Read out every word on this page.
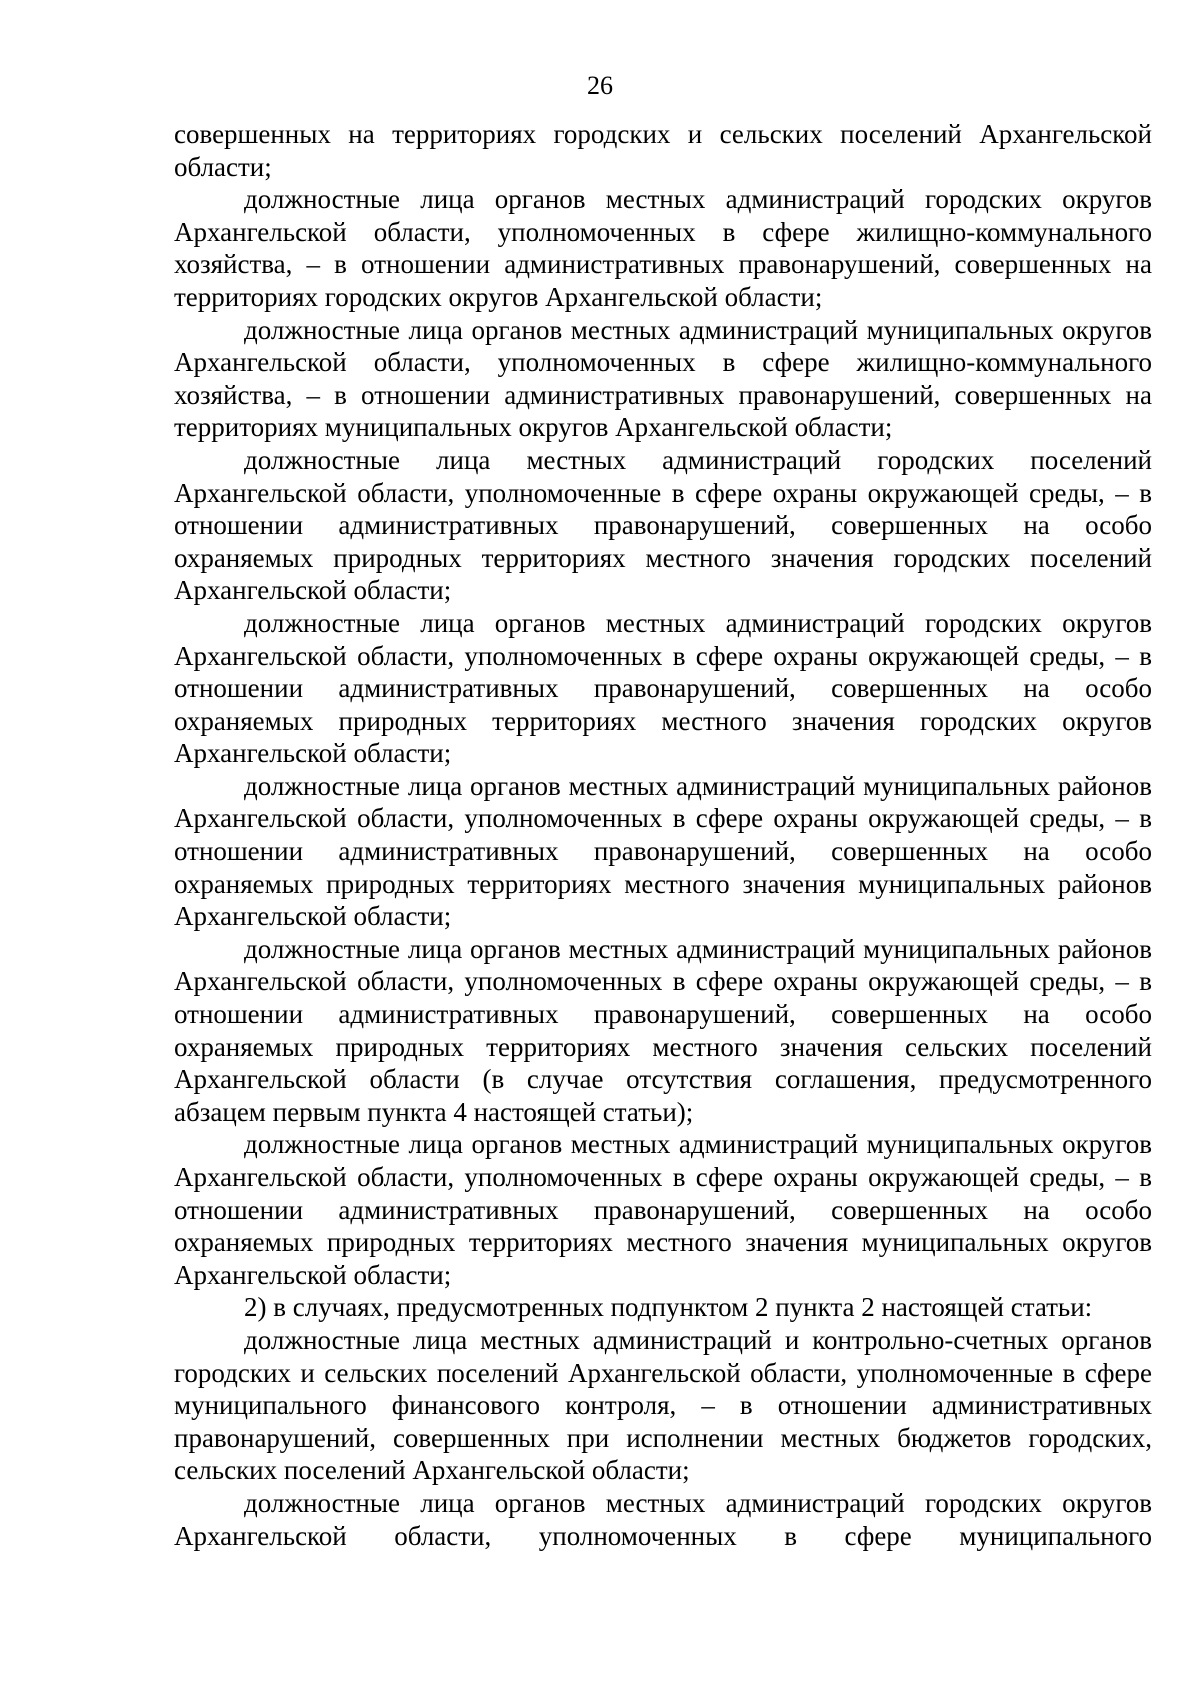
26

совершенных на территориях городских и сельских поселений Архангельской области;

должностные лица органов местных администраций городских округов Архангельской области, уполномоченных в сфере жилищно-коммунального хозяйства, – в отношении административных правонарушений, совершенных на территориях городских округов Архангельской области;

должностные лица органов местных администраций муниципальных округов Архангельской области, уполномоченных в сфере жилищно-коммунального хозяйства, – в отношении административных правонарушений, совершенных на территориях муниципальных округов Архангельской области;

должностные лица местных администраций городских поселений Архангельской области, уполномоченные в сфере охраны окружающей среды, – в отношении административных правонарушений, совершенных на особо охраняемых природных территориях местного значения городских поселений Архангельской области;

должностные лица органов местных администраций городских округов Архангельской области, уполномоченных в сфере охраны окружающей среды, – в отношении административных правонарушений, совершенных на особо охраняемых природных территориях местного значения городских округов Архангельской области;

должностные лица органов местных администраций муниципальных районов Архангельской области, уполномоченных в сфере охраны окружающей среды, – в отношении административных правонарушений, совершенных на особо охраняемых природных территориях местного значения муниципальных районов Архангельской области;

должностные лица органов местных администраций муниципальных районов Архангельской области, уполномоченных в сфере охраны окружающей среды, – в отношении административных правонарушений, совершенных на особо охраняемых природных территориях местного значения сельских поселений Архангельской области (в случае отсутствия соглашения, предусмотренного абзацем первым пункта 4 настоящей статьи);

должностные лица органов местных администраций муниципальных округов Архангельской области, уполномоченных в сфере охраны окружающей среды, – в отношении административных правонарушений, совершенных на особо охраняемых природных территориях местного значения муниципальных округов Архангельской области;

2) в случаях, предусмотренных подпунктом 2 пункта 2 настоящей статьи:

должностные лица местных администраций и контрольно-счетных органов городских и сельских поселений Архангельской области, уполномоченные в сфере муниципального финансового контроля, – в отношении административных правонарушений, совершенных при исполнении местных бюджетов городских, сельских поселений Архангельской области;

должностные лица органов местных администраций городских округов Архангельской области, уполномоченных в сфере муниципального
